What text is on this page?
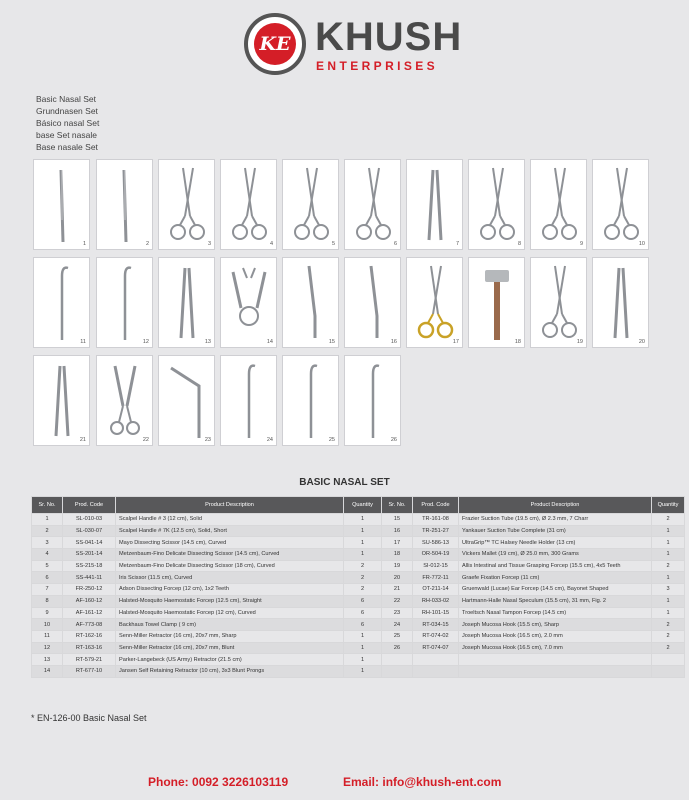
KE KHUSH
ENTERPRISES
Basic Nasal Set
Grundnasen Set
Básico nasal Set
base Set nasale
Base nasale Set
1	2	3	4	5	6	7	8	9	10
11	12	13	14	15	16	17	18	19	20
21	22	23	24	25	26
BASIC NASAL SET
Sr. No.	Prod. Code	Product Description	Quantity	Sr. No.	Prod. Code	Product Description	Quantity
1	SL-010-03	Scalpel Handle # 3 (12 cm), Solid	1	15	TR-161-08	Frazier Suction Tube (19.5 cm), Ø 2.3 mm, 7 Charr	2
2	SL-030-07	Scalpel Handle # 7K (12.5 cm), Solid, Short	1	16	TR-251-27	Yankauer Suction Tube Complete (31 cm)	1
3	SS-041-14	Mayo Dissecting Scissor (14.5 cm), Curved	1	17	SU-586-13	UltraGrip™ TC Halsey Needle Holder (13 cm)	1
4	SS-201-14	Metzenbaum-Fino Delicate Dissecting Scissor (14.5 cm), Curved	1	18	OR-504-19	Vickers Mallet (19 cm), Ø 25.0 mm, 300 Grams	1
5	SS-215-18	Metzenbaum-Fino Delicate Dissecting Scissor (18 cm), Curved	2	19	SI-012-15	Allis Intestinal and Tissue Grasping Forcep (15.5 cm), 4x5 Teeth	2
6	SS-441-11	Iris Scissor (11.5 cm), Curved	2	20	FR-772-11	Graefe Fixation Forcep (11 cm)	1
7	FR-250-12	Adson Dissecting Forcep (12 cm), 1x2 Teeth	2	21	OT-211-14	Gruenwald (Lucae) Ear Forcep (14.5 cm), Bayonet Shaped	3
8	AF-160-12	Halsted-Mosquito Haemostatic Forcep (12.5 cm), Straight	6	22	RH-033-02	Hartmann-Halle Nasal Speculum (15.5 cm), 31 mm, Fig. 2	1
9	AF-161-12	Halsted-Mosquito Haemostatic Forcep (12 cm), Curved	6	23	RH-101-15	Troeltsch Nasal Tampon Forcep (14.5 cm)	1
10	AF-773-08	Backhaus Towel Clamp ( 9 cm)	6	24	RT-034-15	Joseph Mucosa Hook (15.5 cm), Sharp	2
11	RT-162-16	Senn-Miller Retractor (16 cm), 20x7 mm, Sharp	1	25	RT-074-02	Joseph Mucosa Hook (16.5 cm), 2.0 mm	2
12	RT-163-16	Senn-Miller Retractor (16 cm), 20x7 mm, Blunt	1	26	RT-074-07	Joseph Mucosa Hook (16.5 cm), 7.0 mm	2
13	RT-579-21	Parker-Langebeck (US Army) Retractor (21.5 cm)	1				
14	RT-677-10	Jansen Self Retaining Retractor (10 cm), 3x3 Blunt Prongs	1				
* EN-126-00 Basic Nasal Set
Phone: 0092 3226103119	Email: info@khush-ent.com
